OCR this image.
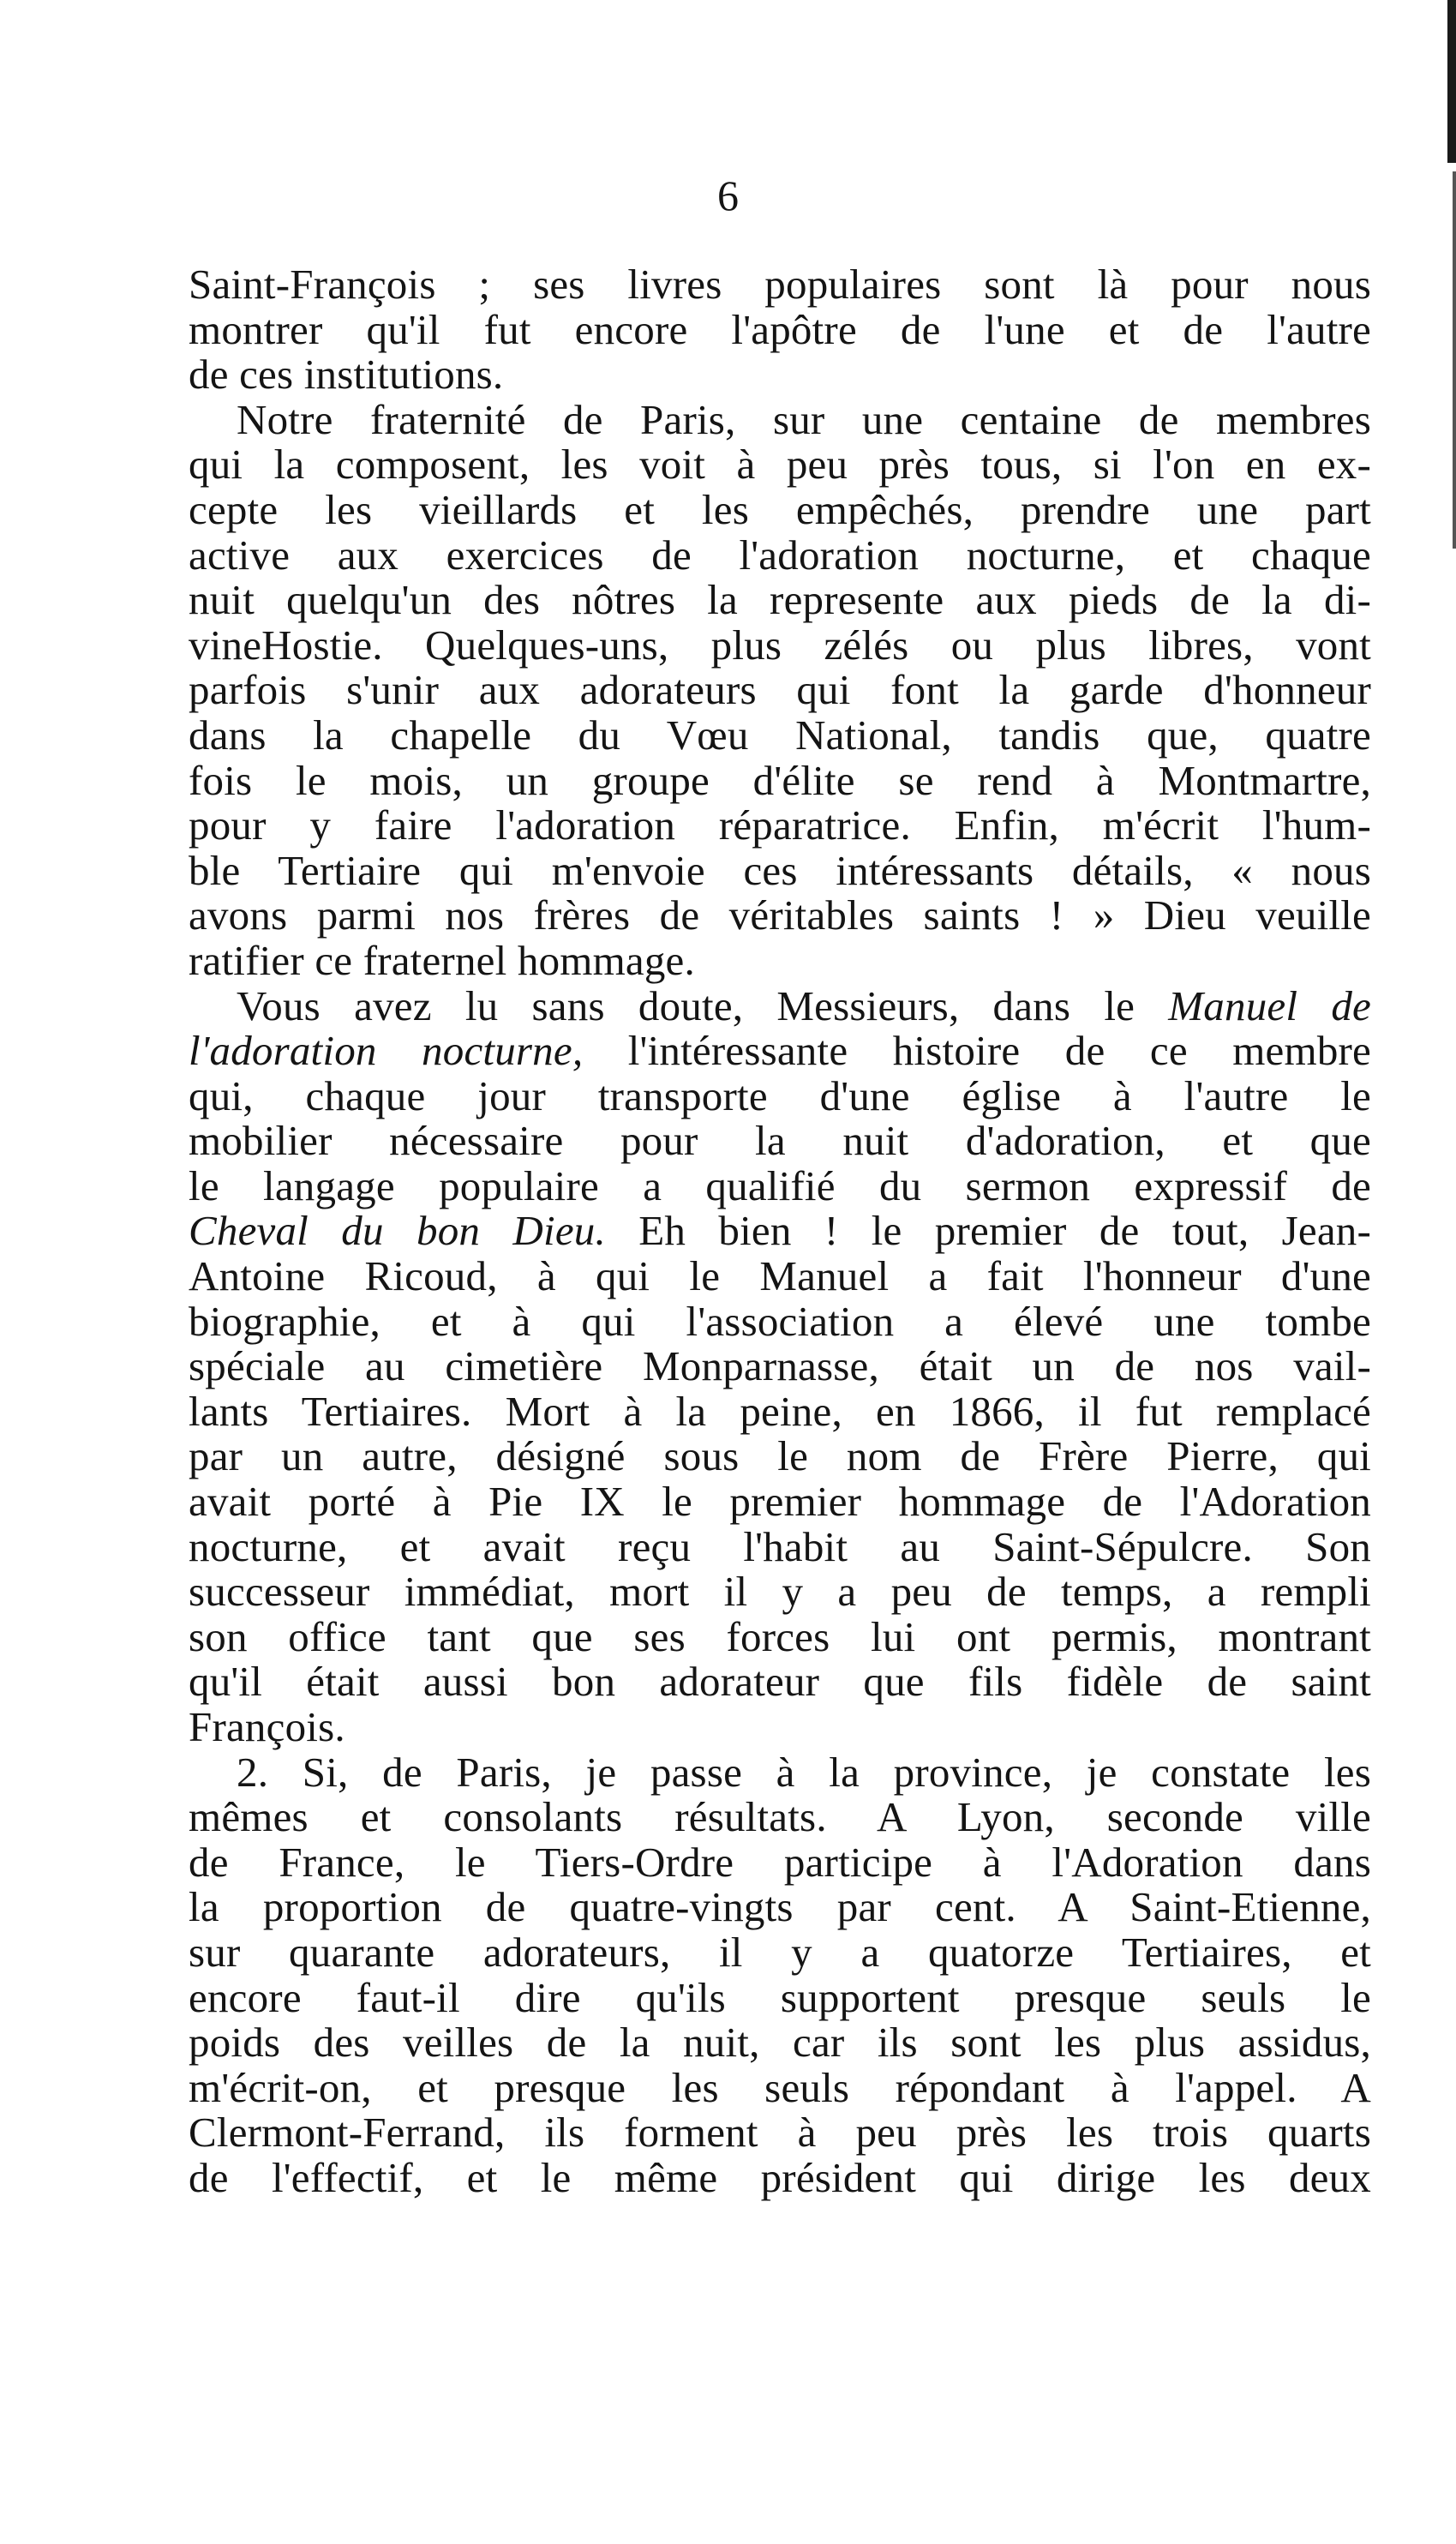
6
Saint-François ; ses livres populaires sont là pour nous
montrer qu'il fut encore l'apôtre de l'une et de l'autre
de ces institutions.
Notre fraternité de Paris, sur une centaine de membres
qui la composent, les voit à peu près tous, si l'on en ex-
cepte les vieillards et les empêchés, prendre une part
active aux exercices de l'adoration nocturne, et chaque
nuit quelqu'un des nôtres la represente aux pieds de la di-
vineHostie. Quelques-uns, plus zélés ou plus libres, vont
parfois s'unir aux adorateurs qui font la garde d'honneur
dans la chapelle du Vœu National, tandis que, quatre
fois le mois, un groupe d'élite se rend à Montmartre,
pour y faire l'adoration réparatrice. Enfin, m'écrit l'hum-
ble Tertiaire qui m'envoie ces intéressants détails, « nous
avons parmi nos frères de véritables saints ! » Dieu veuille
ratifier ce fraternel hommage.
Vous avez lu sans doute, Messieurs, dans le Manuel de
l'adoration nocturne, l'intéressante histoire de ce membre
qui, chaque jour transporte d'une église à l'autre le
mobilier nécessaire pour la nuit d'adoration, et que
le langage populaire a qualifié du sermon expressif de
Cheval du bon Dieu. Eh bien ! le premier de tout, Jean-
Antoine Ricoud, à qui le Manuel a fait l'honneur d'une
biographie, et à qui l'association a élevé une tombe
spéciale au cimetière Monparnasse, était un de nos vail-
lants Tertiaires. Mort à la peine, en 1866, il fut remplacé
par un autre, désigné sous le nom de Frère Pierre, qui
avait porté à Pie IX le premier hommage de l'Adoration
nocturne, et avait reçu l'habit au Saint-Sépulcre. Son
successeur immédiat, mort il y a peu de temps, a rempli
son office tant que ses forces lui ont permis, montrant
qu'il était aussi bon adorateur que fils fidèle de saint
François.
2. Si, de Paris, je passe à la province, je constate les
mêmes et consolants résultats. A Lyon, seconde ville
de France, le Tiers-Ordre participe à l'Adoration dans
la proportion de quatre-vingts par cent. A Saint-Etienne,
sur quarante adorateurs, il y a quatorze Tertiaires, et
encore faut-il dire qu'ils supportent presque seuls le
poids des veilles de la nuit, car ils sont les plus assidus,
m'écrit-on, et presque les seuls répondant à l'appel. A
Clermont-Ferrand, ils forment à peu près les trois quarts
de l'effectif, et le même président qui dirige les deux
